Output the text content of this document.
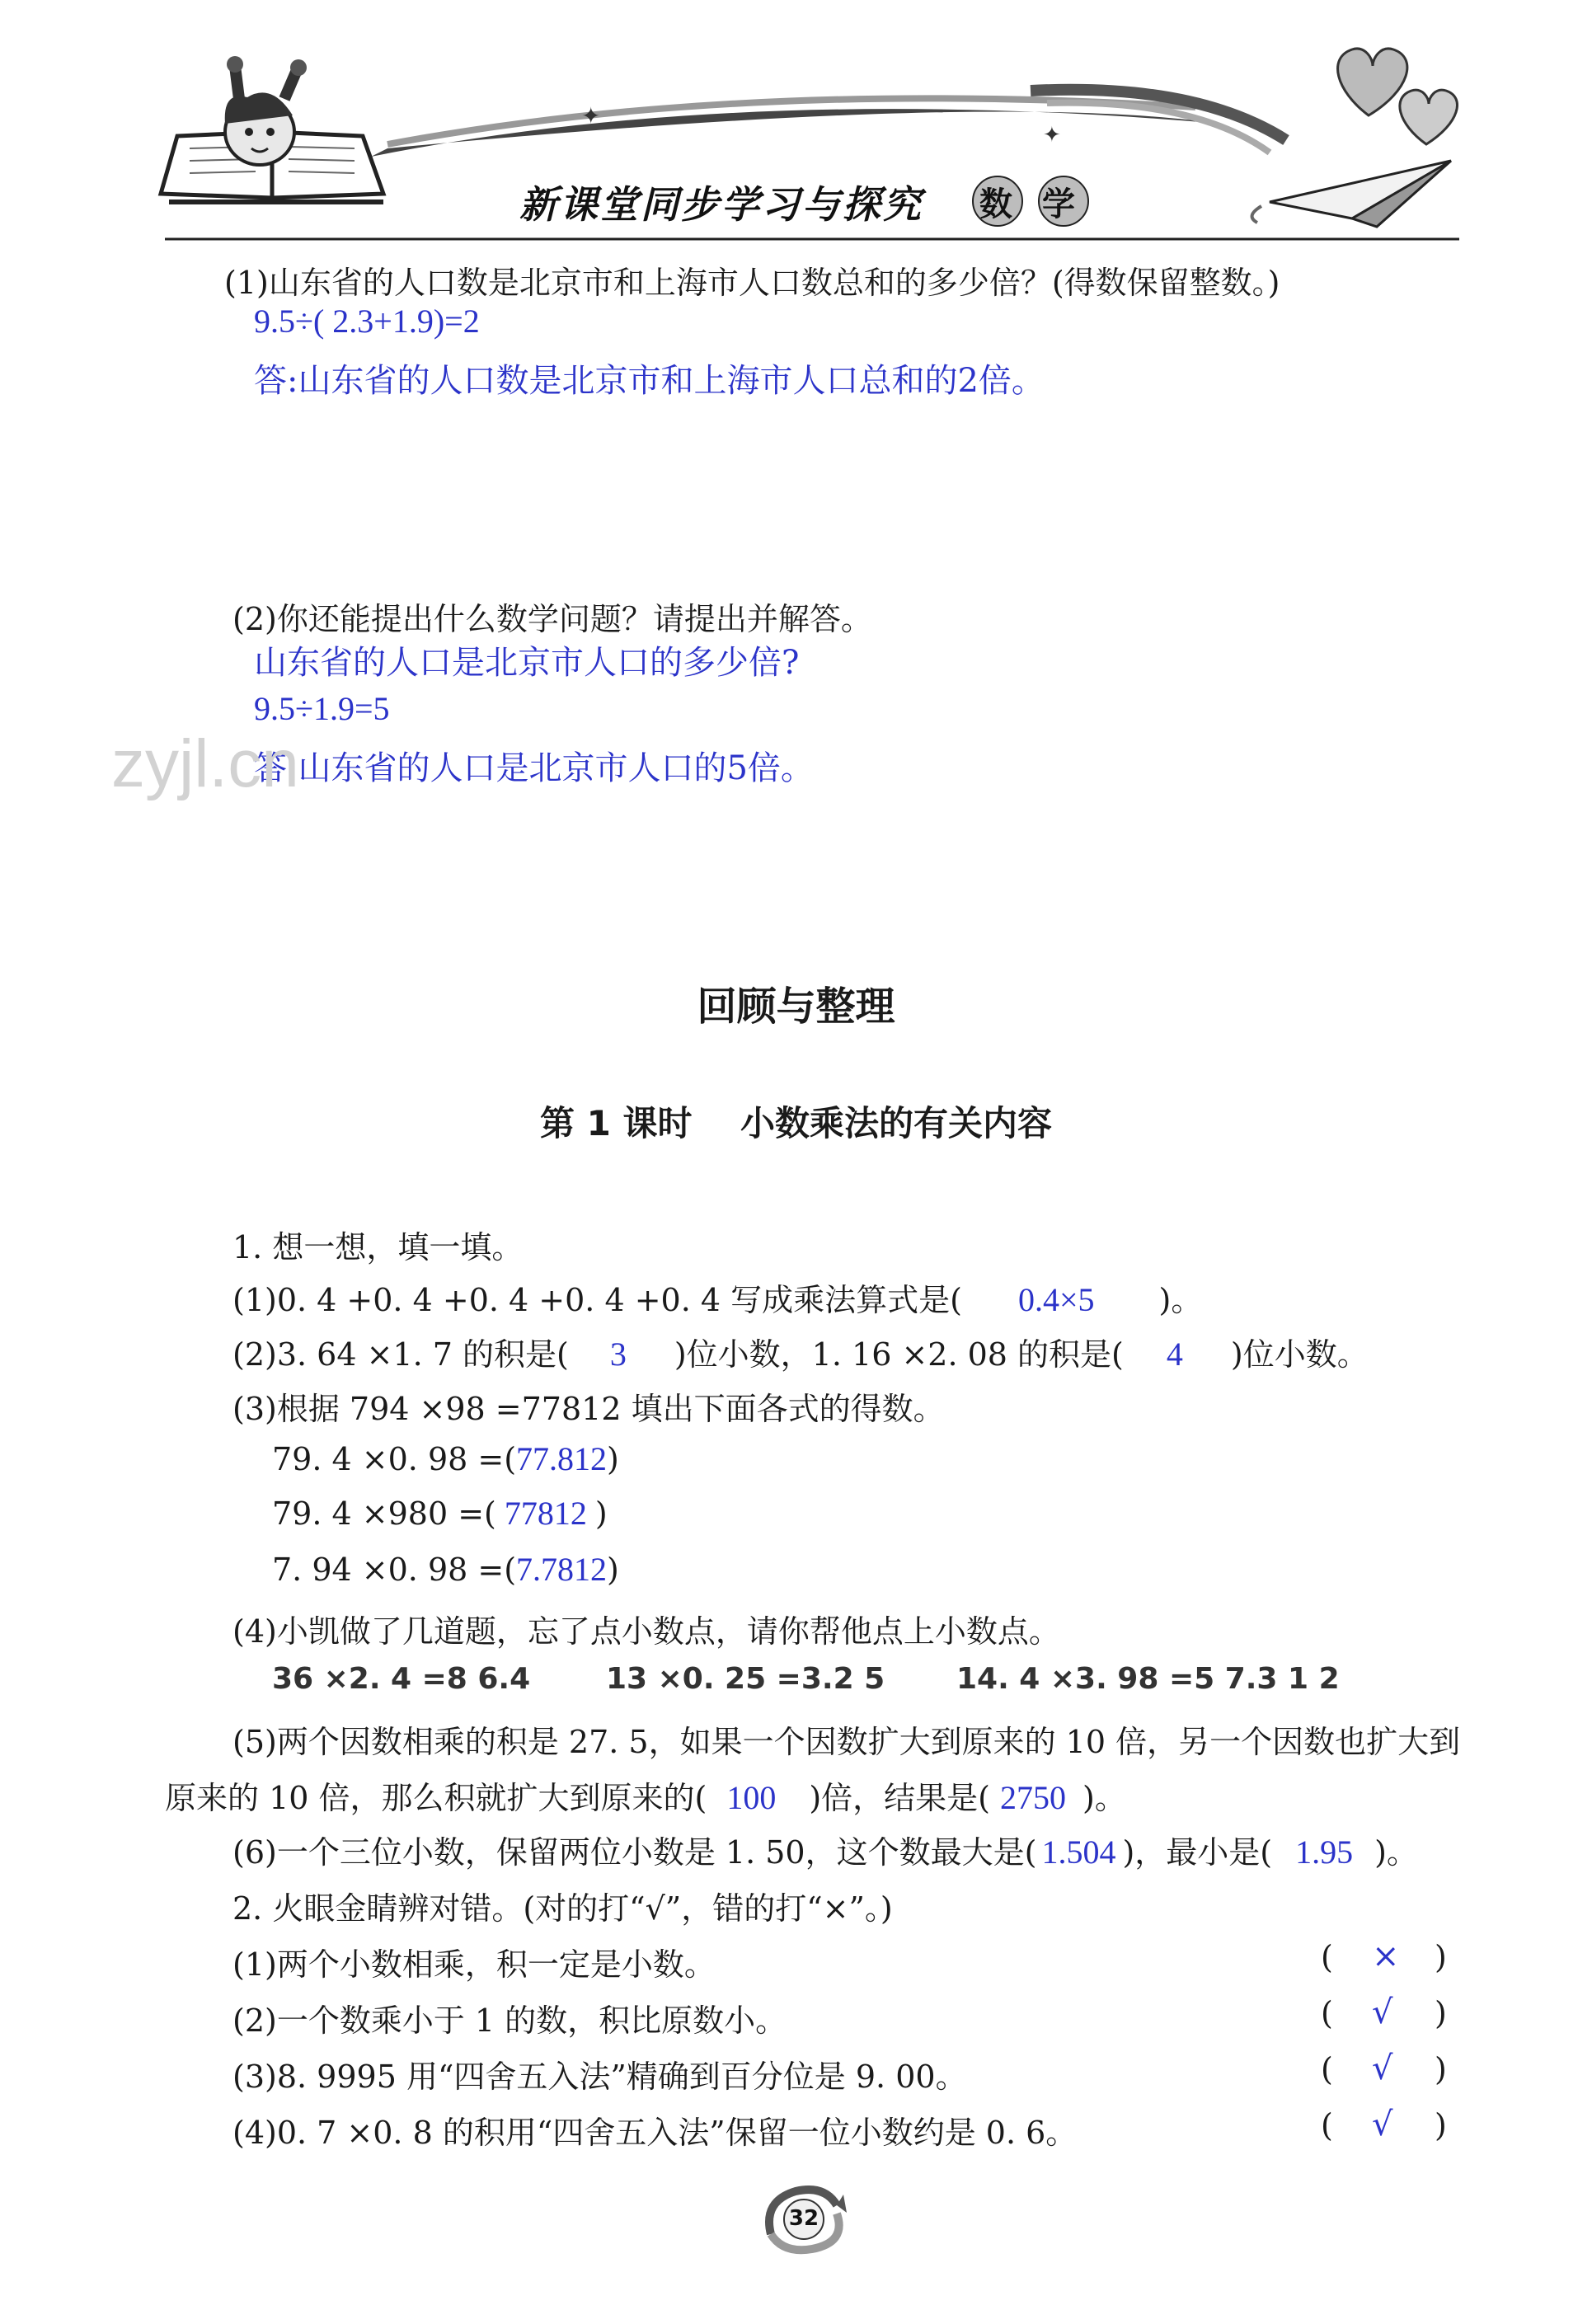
✦
✦
新课堂同步学习与探究 数学
(1)山东省的人口数是北京市和上海市人口数总和的多少倍？(得数保留整数。)
9.5÷( 2.3+1.9)=2
答:山东省的人口数是北京市和上海市人口总和的2倍。
(2)你还能提出什么数学问题？请提出并解答。
山东省的人口是北京市人口的多少倍?
9.5÷1.9=5
答:山东省的人口是北京市人口的5倍。
zyjl.cn
回顾与整理
第 1 课时    小数乘法的有关内容
1. 想一想，填一填。
(1)0. 4 +0. 4 +0. 4 +0. 4 +0. 4 写成乘法算式是( 0.4×5 )。
(2)3. 64 ×1. 7 的积是( 3 )位小数，1. 16 ×2. 08 的积是( 4 )位小数。
(3)根据 794 ×98 =77812 填出下面各式的得数。
79. 4 ×0. 98 =(77.812)
79. 4 ×980 =( 77812 )
7. 94 ×0. 98 =(7.7812)
(4)小凯做了几道题，忘了点小数点，请你帮他点上小数点。
36 ×2. 4 =8 6.4	13 ×0. 25 =3.2 5 14. 4 ×3. 98 =5 7.3 1 2
(5)两个因数相乘的积是 27. 5，如果一个因数扩大到原来的 10 倍，另一个因数也扩大到
原来的 10 倍，那么积就扩大到原来的( 100 )倍，结果是( 2750 )。
(6)一个三位小数，保留两位小数是 1. 50，这个数最大是( 1.504 )，最小是( 1.95 )。
2. 火眼金睛辨对错。(对的打“√”，错的打“×”。)
(1)两个小数相乘，积一定是小数。	( × )
(2)一个数乘小于 1 的数，积比原数小。	( √ )
(3)8. 9995 用“四舍五入法”精确到百分位是 9. 00。	( √ )
(4)0. 7 ×0. 8 的积用“四舍五入法”保留一位小数约是 0. 6。	( √ )
32
